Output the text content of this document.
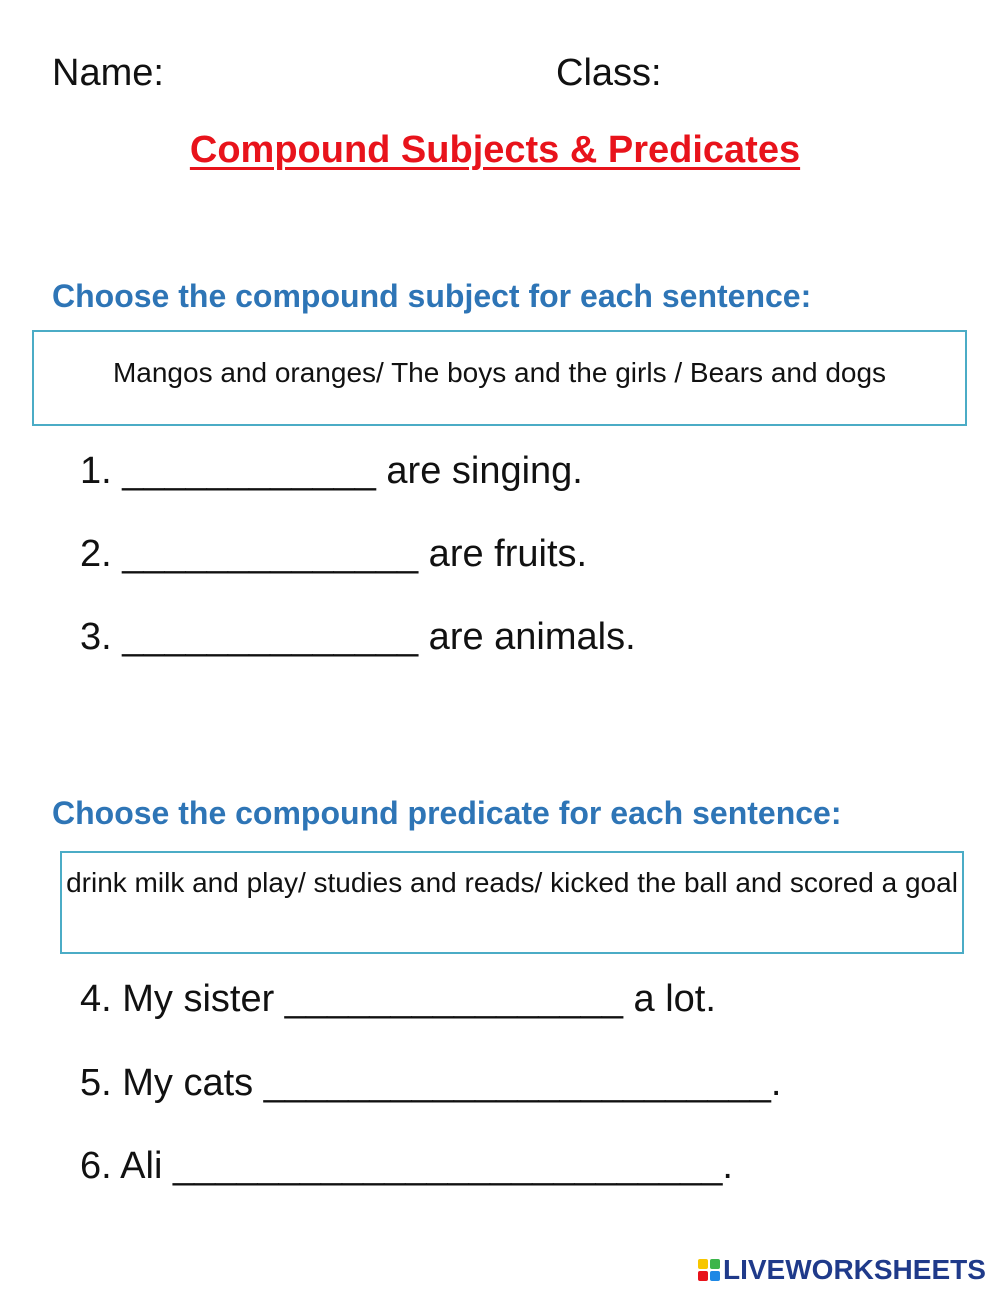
Name:	Class:
Compound Subjects & Predicates
Choose the compound subject for each sentence:
Mangos and oranges/ The boys and the girls / Bears and dogs
1. ____________ are singing.
2. ______________ are fruits.
3. ______________ are animals.
Choose the compound predicate for each sentence:
drink milk and play/ studies and reads/ kicked the ball and scored a goal
4. My sister ________________ a lot.
5. My cats ________________________.
6. Ali __________________________.
LIVEWORKSHEETS
